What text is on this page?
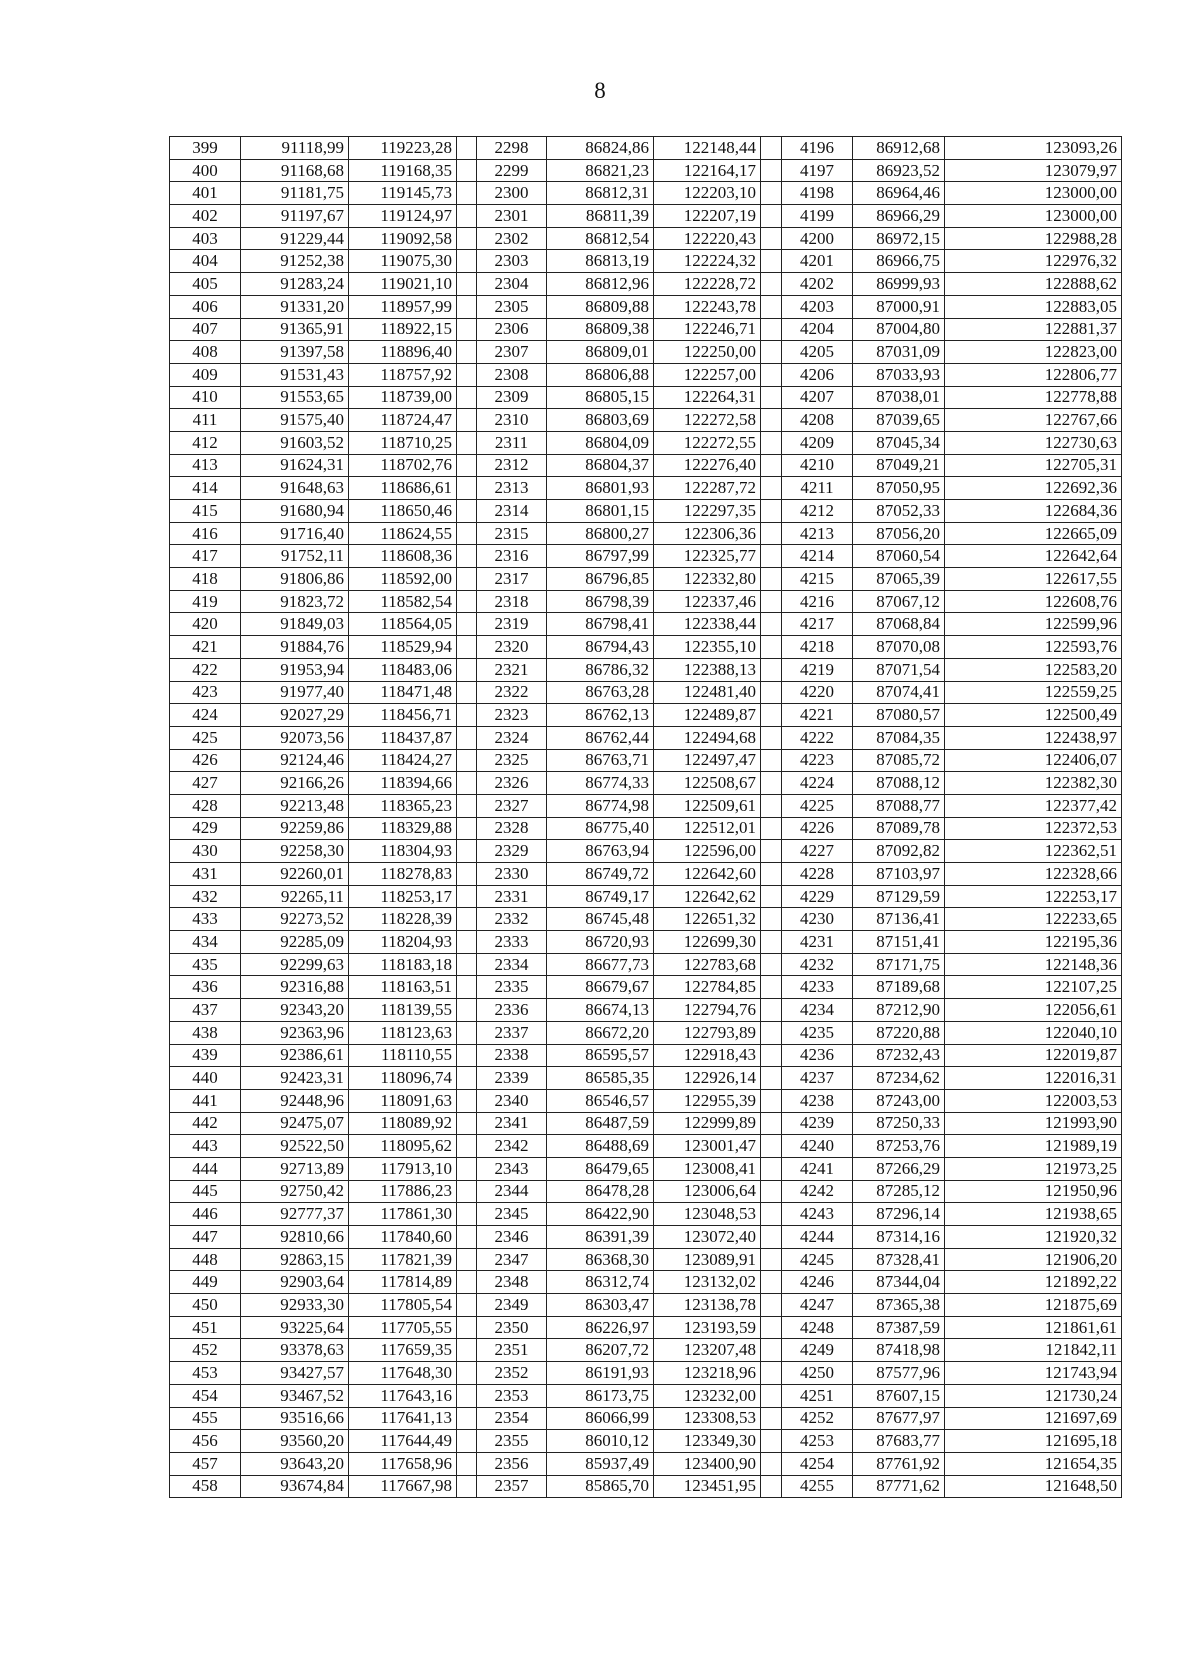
8
399	91118,99	119223,28		2298	86824,86	122148,44		4196	86912,68	123093,26
400	91168,68	119168,35		2299	86821,23	122164,17		4197	86923,52	123079,97
401	91181,75	119145,73		2300	86812,31	122203,10		4198	86964,46	123000,00
402	91197,67	119124,97		2301	86811,39	122207,19		4199	86966,29	123000,00
403	91229,44	119092,58		2302	86812,54	122220,43		4200	86972,15	122988,28
404	91252,38	119075,30		2303	86813,19	122224,32		4201	86966,75	122976,32
405	91283,24	119021,10		2304	86812,96	122228,72		4202	86999,93	122888,62
406	91331,20	118957,99		2305	86809,88	122243,78		4203	87000,91	122883,05
407	91365,91	118922,15		2306	86809,38	122246,71		4204	87004,80	122881,37
408	91397,58	118896,40		2307	86809,01	122250,00		4205	87031,09	122823,00
409	91531,43	118757,92		2308	86806,88	122257,00		4206	87033,93	122806,77
410	91553,65	118739,00		2309	86805,15	122264,31		4207	87038,01	122778,88
411	91575,40	118724,47		2310	86803,69	122272,58		4208	87039,65	122767,66
412	91603,52	118710,25		2311	86804,09	122272,55		4209	87045,34	122730,63
413	91624,31	118702,76		2312	86804,37	122276,40		4210	87049,21	122705,31
414	91648,63	118686,61		2313	86801,93	122287,72		4211	87050,95	122692,36
415	91680,94	118650,46		2314	86801,15	122297,35		4212	87052,33	122684,36
416	91716,40	118624,55		2315	86800,27	122306,36		4213	87056,20	122665,09
417	91752,11	118608,36		2316	86797,99	122325,77		4214	87060,54	122642,64
418	91806,86	118592,00		2317	86796,85	122332,80		4215	87065,39	122617,55
419	91823,72	118582,54		2318	86798,39	122337,46		4216	87067,12	122608,76
420	91849,03	118564,05		2319	86798,41	122338,44		4217	87068,84	122599,96
421	91884,76	118529,94		2320	86794,43	122355,10		4218	87070,08	122593,76
422	91953,94	118483,06		2321	86786,32	122388,13		4219	87071,54	122583,20
423	91977,40	118471,48		2322	86763,28	122481,40		4220	87074,41	122559,25
424	92027,29	118456,71		2323	86762,13	122489,87		4221	87080,57	122500,49
425	92073,56	118437,87		2324	86762,44	122494,68		4222	87084,35	122438,97
426	92124,46	118424,27		2325	86763,71	122497,47		4223	87085,72	122406,07
427	92166,26	118394,66		2326	86774,33	122508,67		4224	87088,12	122382,30
428	92213,48	118365,23		2327	86774,98	122509,61		4225	87088,77	122377,42
429	92259,86	118329,88		2328	86775,40	122512,01		4226	87089,78	122372,53
430	92258,30	118304,93		2329	86763,94	122596,00		4227	87092,82	122362,51
431	92260,01	118278,83		2330	86749,72	122642,60		4228	87103,97	122328,66
432	92265,11	118253,17		2331	86749,17	122642,62		4229	87129,59	122253,17
433	92273,52	118228,39		2332	86745,48	122651,32		4230	87136,41	122233,65
434	92285,09	118204,93		2333	86720,93	122699,30		4231	87151,41	122195,36
435	92299,63	118183,18		2334	86677,73	122783,68		4232	87171,75	122148,36
436	92316,88	118163,51		2335	86679,67	122784,85		4233	87189,68	122107,25
437	92343,20	118139,55		2336	86674,13	122794,76		4234	87212,90	122056,61
438	92363,96	118123,63		2337	86672,20	122793,89		4235	87220,88	122040,10
439	92386,61	118110,55		2338	86595,57	122918,43		4236	87232,43	122019,87
440	92423,31	118096,74		2339	86585,35	122926,14		4237	87234,62	122016,31
441	92448,96	118091,63		2340	86546,57	122955,39		4238	87243,00	122003,53
442	92475,07	118089,92		2341	86487,59	122999,89		4239	87250,33	121993,90
443	92522,50	118095,62		2342	86488,69	123001,47		4240	87253,76	121989,19
444	92713,89	117913,10		2343	86479,65	123008,41		4241	87266,29	121973,25
445	92750,42	117886,23		2344	86478,28	123006,64		4242	87285,12	121950,96
446	92777,37	117861,30		2345	86422,90	123048,53		4243	87296,14	121938,65
447	92810,66	117840,60		2346	86391,39	123072,40		4244	87314,16	121920,32
448	92863,15	117821,39		2347	86368,30	123089,91		4245	87328,41	121906,20
449	92903,64	117814,89		2348	86312,74	123132,02		4246	87344,04	121892,22
450	92933,30	117805,54		2349	86303,47	123138,78		4247	87365,38	121875,69
451	93225,64	117705,55		2350	86226,97	123193,59		4248	87387,59	121861,61
452	93378,63	117659,35		2351	86207,72	123207,48		4249	87418,98	121842,11
453	93427,57	117648,30		2352	86191,93	123218,96		4250	87577,96	121743,94
454	93467,52	117643,16		2353	86173,75	123232,00		4251	87607,15	121730,24
455	93516,66	117641,13		2354	86066,99	123308,53		4252	87677,97	121697,69
456	93560,20	117644,49		2355	86010,12	123349,30		4253	87683,77	121695,18
457	93643,20	117658,96		2356	85937,49	123400,90		4254	87761,92	121654,35
458	93674,84	117667,98		2357	85865,70	123451,95		4255	87771,62	121648,50
